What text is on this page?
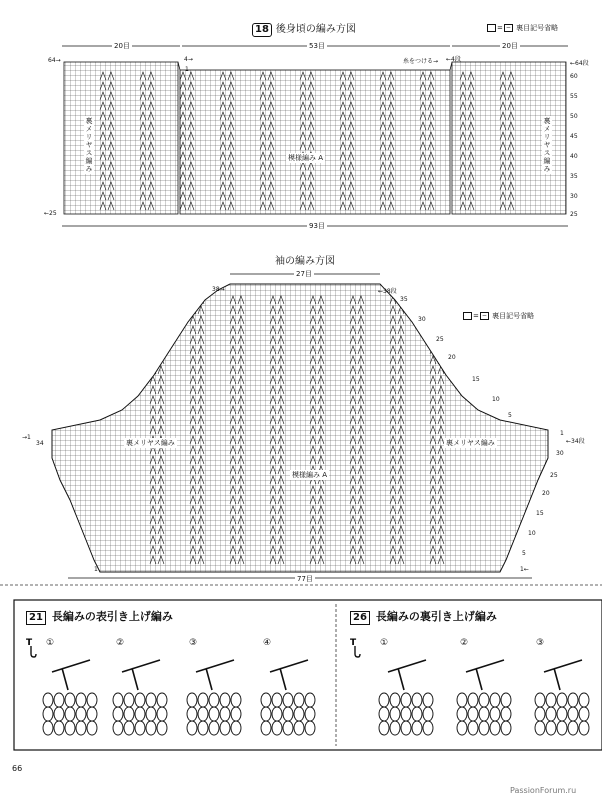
18 後身頃の編み方図	= − 裏目記号省略
20目	53目	20目
93目
64→
←25
4→
1
糸をつける→ ←4段
←64段
60
55
50
45
40
35
30
25
模様編み A
裏メリヤス編み	裏メリヤス編み
袖の編み方図
27目
38→	←38段
= − 裏目記号省略
35
30
25
20
15
10
5
30
25
20
15
10
5
→1
34
1
←34段
1	1←
77目
裏メリヤス編み	裏メリヤス編み
模様編み A
21 長編みの表引き上げ編み	26 長編みの裏引き上げ編み
T	T
①	②	③	④	①	②	③
66
PassionForum.ru
